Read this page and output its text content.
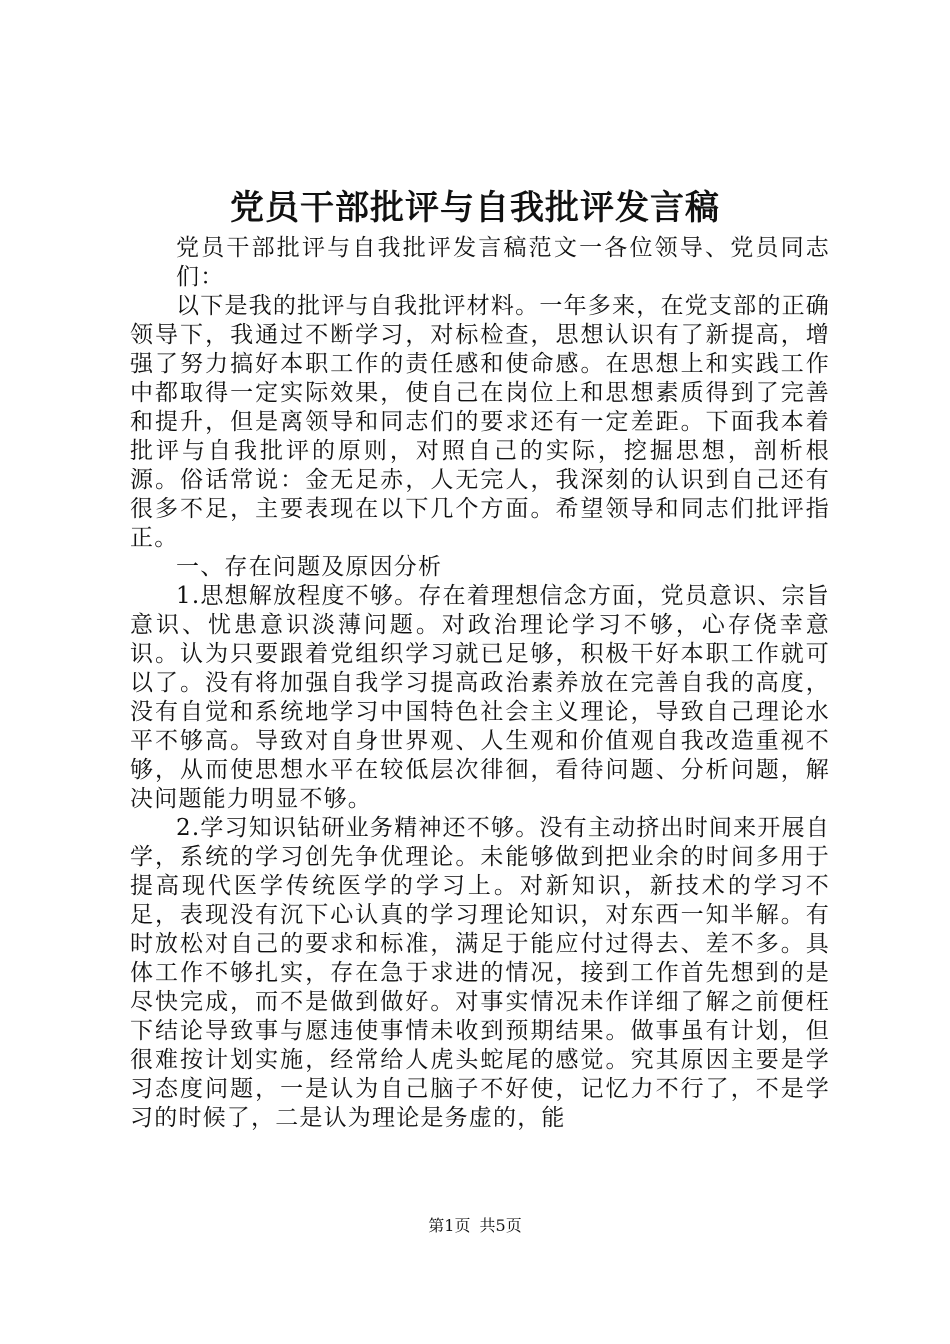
党员干部批评与自我批评发言稿

党员干部批评与自我批评发言稿范文一各位领导、党员同志们：

以下是我的批评与自我批评材料。一年多来，在党支部的正确领导下，我通过不断学习，对标检查，思想认识有了新提高，增强了努力搞好本职工作的责任感和使命感。在思想上和实践工作中都取得一定实际效果，使自己在岗位上和思想素质得到了完善和提升，但是离领导和同志们的要求还有一定差距。下面我本着批评与自我批评的原则，对照自己的实际，挖掘思想，剖析根源。俗话常说：金无足赤，人无完人，我深刻的认识到自己还有很多不足，主要表现在以下几个方面。希望领导和同志们批评指正。

一、存在问题及原因分析

1.思想解放程度不够。存在着理想信念方面，党员意识、宗旨意识、忧患意识淡薄问题。对政治理论学习不够，心存侥幸意识。认为只要跟着党组织学习就已足够，积极干好本职工作就可以了。没有将加强自我学习提高政治素养放在完善自我的高度，没有自觉和系统地学习中国特色社会主义理论，导致自己理论水平不够高。导致对自身世界观、人生观和价值观自我改造重视不够，从而使思想水平在较低层次徘徊，看待问题、分析问题，解决问题能力明显不够。

2.学习知识钻研业务精神还不够。没有主动挤出时间来开展自学，系统的学习创先争优理论。未能够做到把业余的时间多用于提高现代医学传统医学的学习上。对新知识，新技术的学习不足，表现没有沉下心认真的学习理论知识，对东西一知半解。有时放松对自己的要求和标准，满足于能应付过得去、差不多。具体工作不够扎实，存在急于求进的情况，接到工作首先想到的是尽快完成，而不是做到做好。对事实情况未作详细了解之前便枉下结论导致事与愿违使事情未收到预期结果。做事虽有计划，但很难按计划实施，经常给人虎头蛇尾的感觉。究其原因主要是学习态度问题，一是认为自己脑子不好使，记忆力不行了，不是学习的时候了，二是认为理论是务虚的，能

第1页 共5页
